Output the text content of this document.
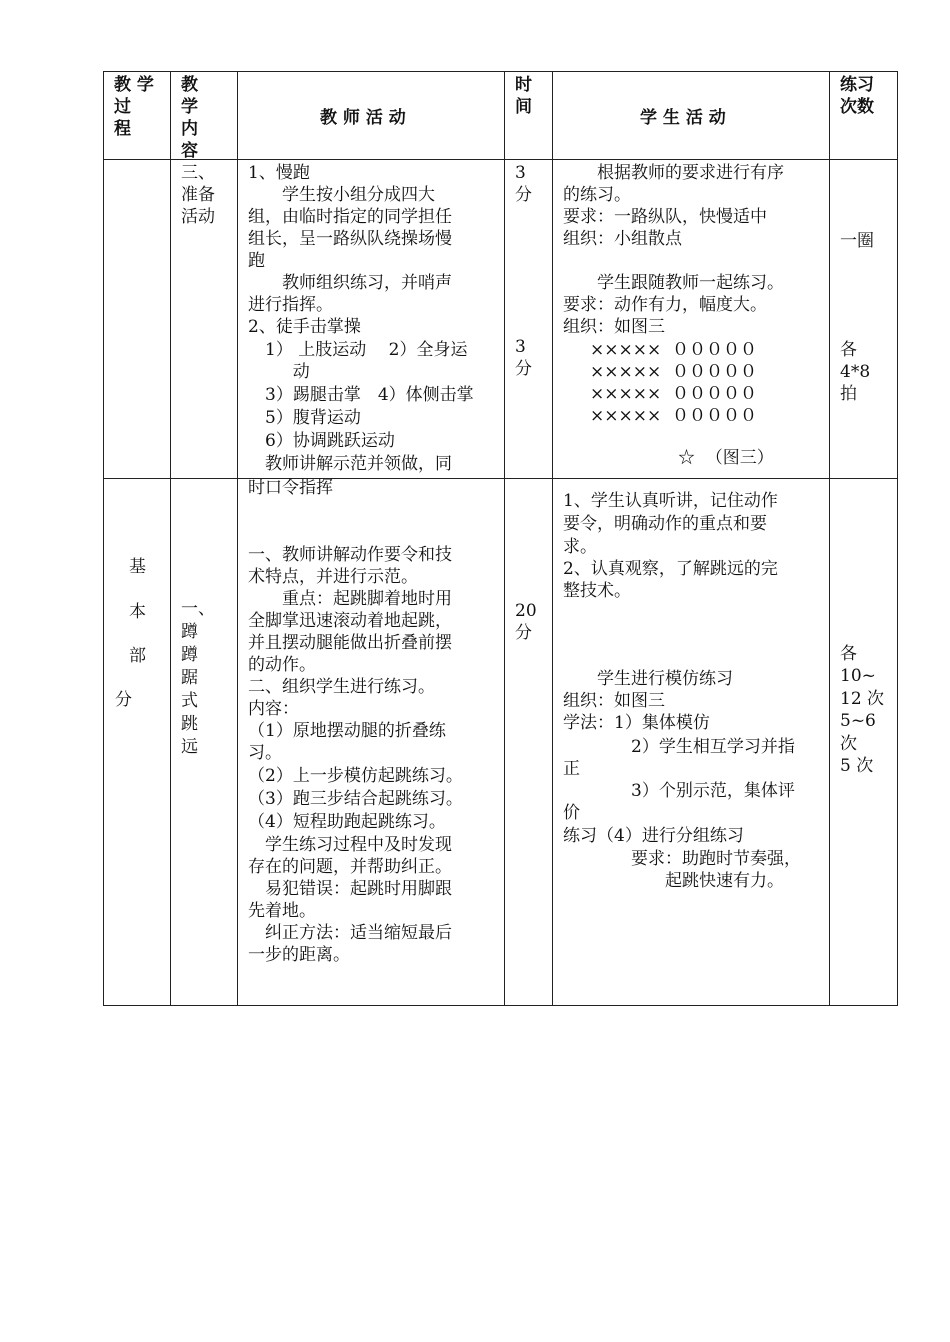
教 学
过
程
教
学
内
容
教 师 活 动
时
间
学 生 活 动
练习
次数
三、
准备
活动
1、慢跑
　　学生按小组分成四大
组，由临时指定的同学担任
组长，呈一路纵队绕操场慢
跑
　　教师组织练习，并哨声
进行指挥。
2、徒手击掌操
　1） 上肢运动　 2）全身运
　　  动
　3）踢腿击掌　4）体侧击掌
　5）腹背运动
　6）协调跳跃运动
　教师讲解示范并领做，同
3
分
3
分
　　根据教师的要求进行有序
的练习。
要求：一路纵队，快慢适中
组织：小组散点
　　学生跟随教师一起练习。
要求：动作有力，幅度大。
组织：如图三
　×××××  ０００００
　×××××  ０００００
　×××××  ０００００
　×××××  ０００００
☆  （图三）
一圈
各
4*8
拍
基
本
部
分
一、
蹲
蹲
踞
式
跳
远
时口令指挥
一、教师讲解动作要令和技
术特点，并进行示范。
　　重点：起跳脚着地时用
全脚掌迅速滚动着地起跳，
并且摆动腿能做出折叠前摆
的动作。
二、组织学生进行练习。
内容：
（1）原地摆动腿的折叠练
习。
（2）上一步模仿起跳练习。
（3）跑三步结合起跳练习。
（4）短程助跑起跳练习。
　学生练习过程中及时发现
存在的问题，并帮助纠正。
　易犯错误：起跳时用脚跟
先着地。
　纠正方法：适当缩短最后
一步的距离。
20
分
1、学生认真听讲，记住动作
要令，明确动作的重点和要
求。
2、认真观察，了解跳远的完
整技术。
　　学生进行模仿练习
组织：如图三
学法：1）集体模仿
　　　　2）学生相互学习并指
正
　　　　3）个别示范，集体评
价
练习（4）进行分组练习
　　　　要求：助跑时节奏强，
　　　　　　起跳快速有力。
各
10~
12 次
5~6
次
5 次
